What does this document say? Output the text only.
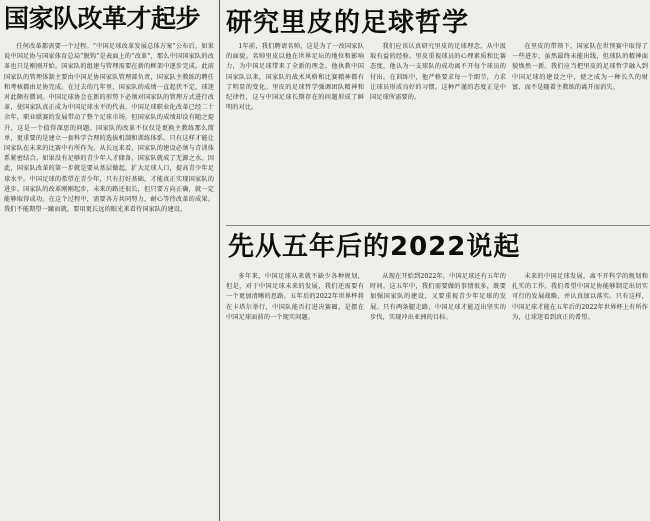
国家队改革才起步

任何改革都需要一个过程。“中国足球改革发展总体方案”公布后，如果说中国足协与国家体育总局“脱钩”是表面上的“改革”，那么中国国家队的改革也只是刚刚开始。国家队的组建与管理需要在新的框架中逐步完成。此前国家队的管理体制主要由中国足协国家队管理部负责，国家队主教练的聘任和考核都由足协完成。在过去的几年里，国家队的成绩一直起伏不定，球迷对此颇有微词。中国足球协会在新的形势下必须对国家队的管理方式进行改革，使国家队真正成为中国足球水平的代表。中国足球职业化改革已经二十余年，职业联赛的发展带动了整个足球市场，但国家队的成绩却没有随之提升，这是一个值得深思的问题。国家队的改革不仅仅是更换主教练那么简单，更重要的是建立一套科学合理的选拔机制和训练体系。只有这样才能让国家队在未来的比赛中有所作为。从长远来看，国家队的建设必须与青训体系紧密结合。如果没有足够的青少年人才储备，国家队就成了无源之水。因此，国家队改革的第一步就是要从基层做起，扩大足球人口，提高青少年足球水平。中国足球的希望在青少年，只有打好基础，才能真正实现国家队的进步。国家队的改革刚刚起步，未来的路还很长，但只要方向正确，就一定能够取得成功。在这个过程中，需要各方共同努力，耐心等待改革的成果。我们不能期望一蹴而就，要用更长远的眼光来看待国家队的建设。

研究里皮的足球哲学

1年前，我们聘请名帅，这是为了一改国家队的面貌。名帅里皮以他在世界足坛的地位和影响力，为中国足球带来了全新的理念。他执教中国国家队以来，国家队的战术风格和比赛精神都有了明显的变化。里皮的足球哲学强调团队精神和纪律性，这与中国足球长期存在的问题形成了鲜明的对比。

我们应该认真研究里皮的足球理念，从中汲取有益的经验。里皮重视球员的心理素质和比赛态度，他认为一支球队的成功离不开每个球员的付出。在训练中，他严格要求每一个细节，力求让球员形成良好的习惯。这种严谨的态度正是中国足球所需要的。

在里皮的带领下，国家队在世预赛中取得了一些进步，虽然最终未能出线，但球队的精神面貌焕然一新。我们应当把里皮的足球哲学融入到中国足球的建设之中，使之成为一种长久的财富，而不是随着主教练的离开而消失。

先从五年后的2022说起

多年来，中国足球从来就不缺少各种规划，但是，对于中国足球未来的发展，我们还需要有一个更加清晰的思路。五年后的2022年世界杯将在卡塔尔举行，中国队能否打进决赛圈，是摆在中国足球面前的一个现实问题。

从现在开始到2022年，中国足球还有五年的时间。这五年中，我们需要做的事情很多，既要加强国家队的建设，又要重视青少年足球的发展。只有两条腿走路，中国足球才能迈出坚实的步伐，实现冲出亚洲的目标。

未来的中国足球发展，离不开科学的规划和扎实的工作。我们希望中国足协能够制定出切实可行的发展战略，并认真加以落实。只有这样，中国足球才能在五年后的2022年世界杯上有所作为，让球迷看到真正的希望。
